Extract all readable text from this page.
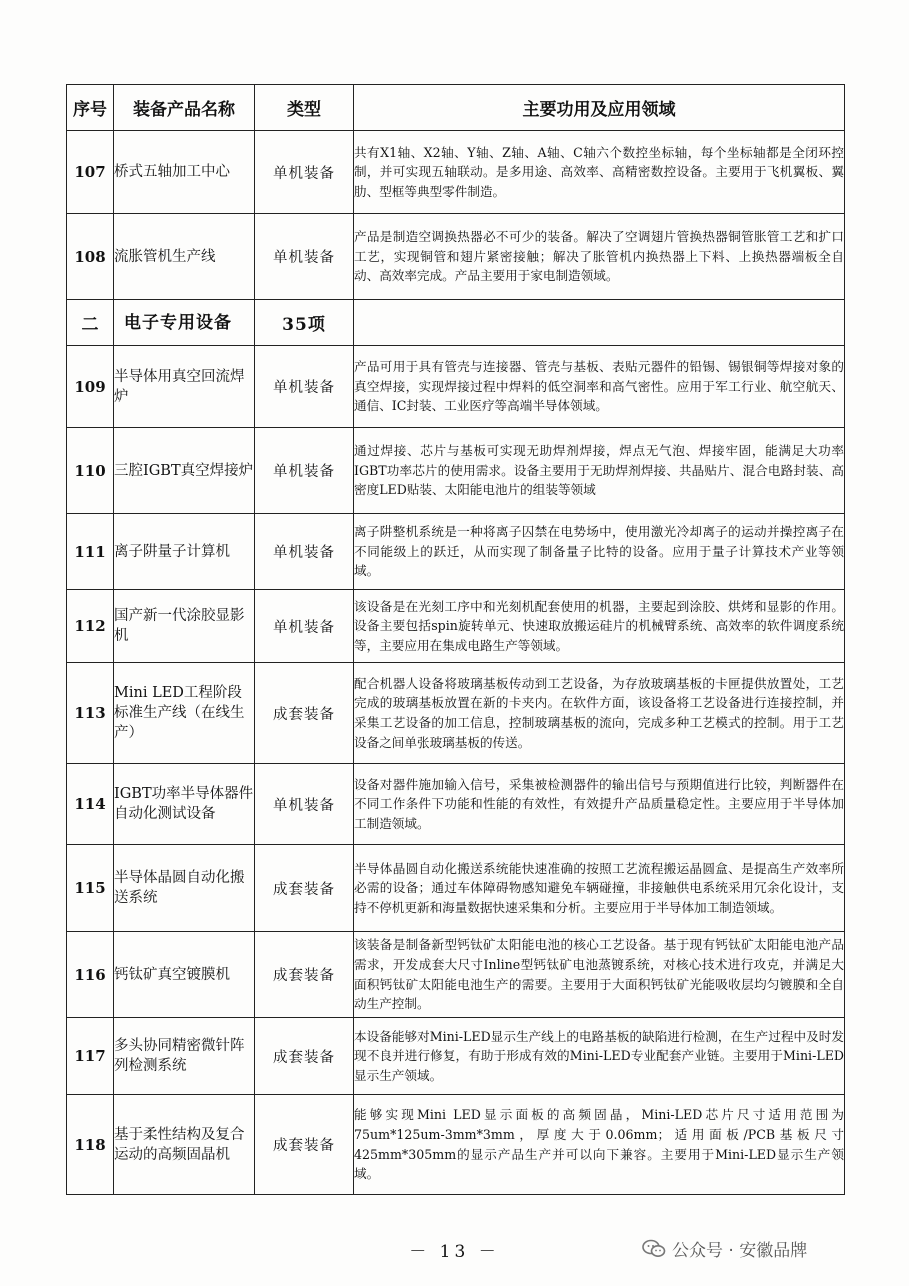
序号	装备产品名称	类型	主要功用及应用领域
107	桥式五轴加工中心	单机装备	共有X1轴、X2轴、Y轴、Z轴、A轴、C轴六个数控坐标轴，每个坐标轴都是全闭环控制，并可实现五轴联动。是多用途、高效率、高精密数控设备。主要用于飞机翼板、翼肋、型框等典型零件制造。
108	流胀管机生产线	单机装备	产品是制造空调换热器必不可少的装备。解决了空调翅片管换热器铜管胀管工艺和扩口工艺，实现铜管和翅片紧密接触；解决了胀管机内换热器上下料、上换热器端板全自动、高效率完成。产品主要用于家电制造领域。
二	电子专用设备	35项	
109	半导体用真空回流焊炉	单机装备	产品可用于具有管壳与连接器、管壳与基板、表贴元器件的铅锡、锡银铜等焊接对象的真空焊接，实现焊接过程中焊料的低空洞率和高气密性。应用于军工行业、航空航天、通信、IC封装、工业医疗等高端半导体领域。
110	三腔IGBT真空焊接炉	单机装备	通过焊接、芯片与基板可实现无助焊剂焊接，焊点无气泡、焊接牢固，能满足大功率IGBT功率芯片的使用需求。设备主要用于无助焊剂焊接、共晶贴片、混合电路封装、高密度LED贴装、太阳能电池片的组装等领域
111	离子阱量子计算机	单机装备	离子阱整机系统是一种将离子囚禁在电势场中，使用激光冷却离子的运动并操控离子在不同能级上的跃迁，从而实现了制备量子比特的设备。应用于量子计算技术产业等领域。
112	国产新一代涂胶显影机	单机装备	该设备是在光刻工序中和光刻机配套使用的机器，主要起到涂胶、烘烤和显影的作用。设备主要包括spin旋转单元、快速取放搬运硅片的机械臂系统、高效率的软件调度系统等，主要应用在集成电路生产等领域。
113	Mini LED工程阶段标准生产线（在线生产）	成套装备	配合机器人设备将玻璃基板传动到工艺设备，为存放玻璃基板的卡匣提供放置处，工艺完成的玻璃基板放置在新的卡夹内。在软件方面，该设备将工艺设备进行连接控制，并采集工艺设备的加工信息，控制玻璃基板的流向，完成多种工艺模式的控制。用于工艺设备之间单张玻璃基板的传送。
114	IGBT功率半导体器件自动化测试设备	单机装备	设备对器件施加输入信号，采集被检测器件的输出信号与预期值进行比较，判断器件在不同工作条件下功能和性能的有效性，有效提升产品质量稳定性。主要应用于半导体加工制造领域。
115	半导体晶圆自动化搬送系统	成套装备	半导体晶圆自动化搬送系统能快速准确的按照工艺流程搬运晶圆盒、是提高生产效率所必需的设备；通过车体障碍物感知避免车辆碰撞，非接触供电系统采用冗余化设计，支持不停机更新和海量数据快速采集和分析。主要应用于半导体加工制造领域。
116	钙钛矿真空镀膜机	成套装备	该装备是制备新型钙钛矿太阳能电池的核心工艺设备。基于现有钙钛矿太阳能电池产品需求，开发成套大尺寸Inline型钙钛矿电池蒸镀系统，对核心技术进行攻克，并满足大面积钙钛矿太阳能电池生产的需要。主要用于大面积钙钛矿光能吸收层均匀镀膜和全自动生产控制。
117	多头协同精密微针阵列检测系统	成套装备	本设备能够对Mini-LED显示生产线上的电路基板的缺陷进行检测，在生产过程中及时发现不良并进行修复，有助于形成有效的Mini-LED专业配套产业链。主要用于Mini-LED显示生产领域。
118	基于柔性结构及复合运动的高频固晶机	成套装备	能够实现Mini LED显示面板的高频固晶，Mini-LED芯片尺寸适用范围为75um*125um-3mm*3mm，厚度大于0.06mm；适用面板/PCB基板尺寸425mm*305mm的显示产品生产并可以向下兼容。主要用于Mini-LED显示生产领域。
－ 13 －	公众号 · 安徽品牌
